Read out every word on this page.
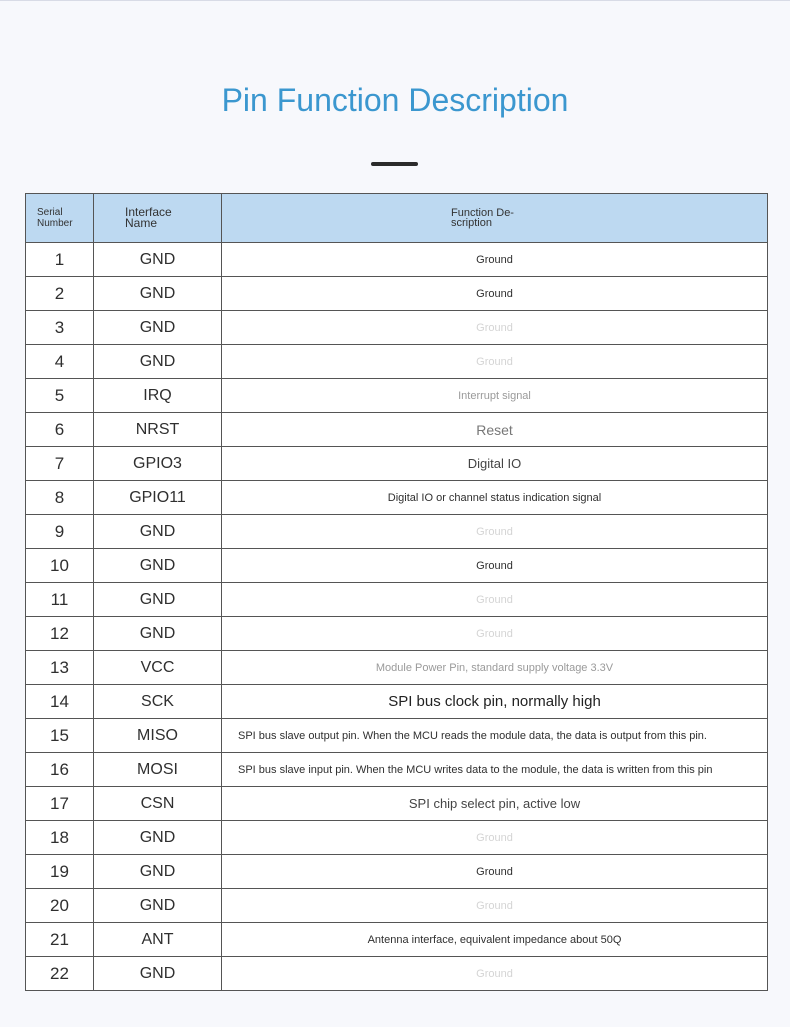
Pin Function Description
Serial Number	Interface Name	Function De-scription

1	GND	Ground
2	GND	Ground
3	GND	Ground
4	GND	Ground
5	IRQ	Interrupt signal
6	NRST	Reset
7	GPIO3	Digital IO
8	GPIO11	Digital IO or channel status indication signal
9	GND	Ground
10	GND	Ground
11	GND	Ground
12	GND	Ground
13	VCC	Module Power Pin, standard supply voltage 3.3V
14	SCK	SPI bus clock pin, normally high
15	MISO	SPI bus slave output pin. When the MCU reads the module data, the data is output from this pin.
16	MOSI	SPI bus slave input pin. When the MCU writes data to the module, the data is written from this pin
17	CSN	SPI chip select pin, active low
18	GND	Ground
19	GND	Ground
20	GND	Ground
21	ANT	Antenna interface, equivalent impedance about 50Q
22	GND	Ground
